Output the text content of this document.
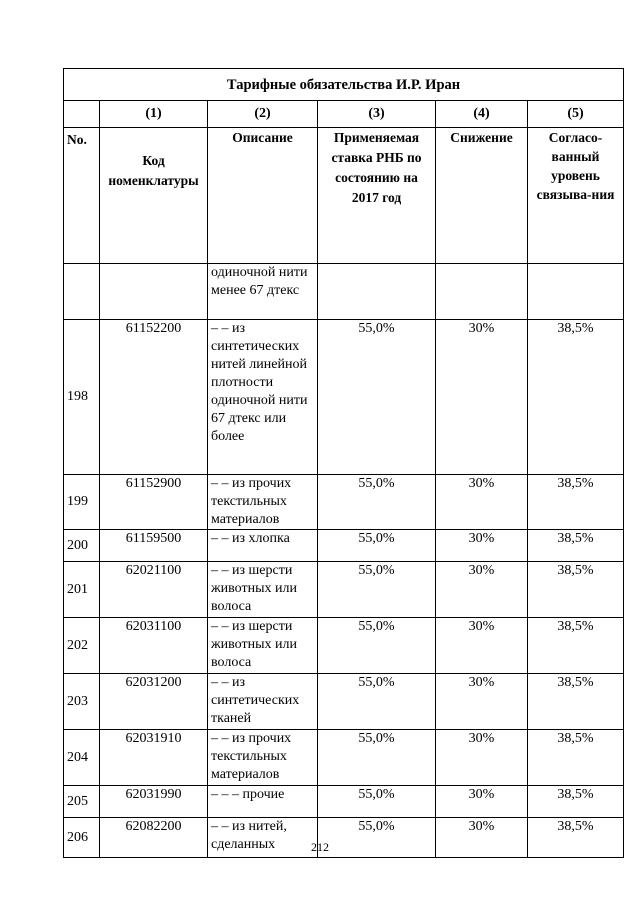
Тарифные обязательства И.Р. Иран					
	(1)	(2)	(3)	(4)	(5)
No.	Код номенклатуры	Описание	Применяемая ставка РНБ по состоянию на 2017 год	Снижение	Согласо-ванный уровень связыва-ния
		одиночной нити менее 67 дтекс			
198	61152200	– – из синтетических нитей линейной плотности одиночной нити 67 дтекс или более	55,0%	30%	38,5%
199	61152900	– – из прочих текстильных материалов	55,0%	30%	38,5%
200	61159500	– – из хлопка	55,0%	30%	38,5%
201	62021100	– – из шерсти животных или волоса	55,0%	30%	38,5%
202	62031100	– – из шерсти животных или волоса	55,0%	30%	38,5%
203	62031200	– – из синтетических тканей	55,0%	30%	38,5%
204	62031910	– – из прочих текстильных материалов	55,0%	30%	38,5%
205	62031990	– – – прочие	55,0%	30%	38,5%
206	62082200	– – из нитей, сделанных	55,0%	30%	38,5%
212
